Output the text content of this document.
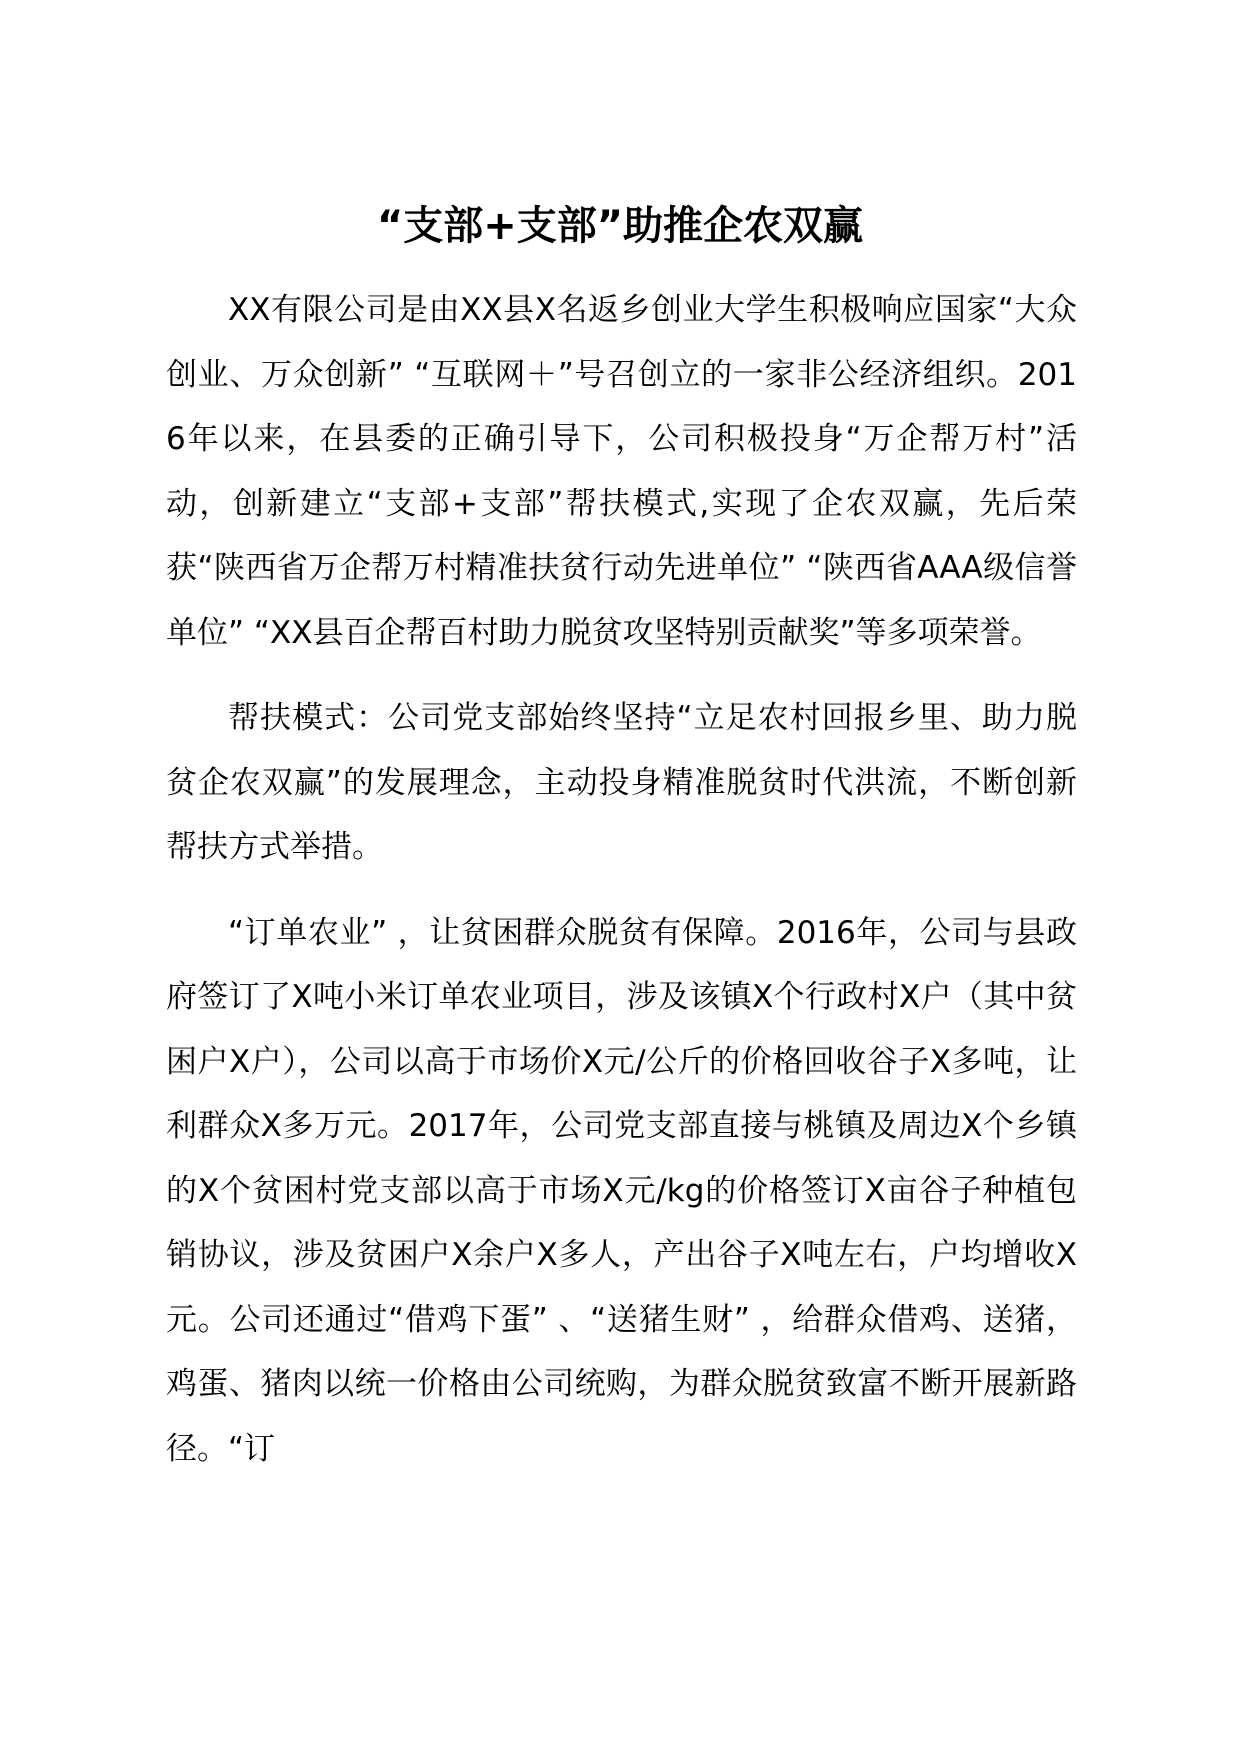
“支部+支部”助推企农双赢

XX有限公司是由XX县X名返乡创业大学生积极响应国家“大众创业、万众创新” “互联网＋”号召创立的一家非公经济组织。2016年以来，在县委的正确引导下，公司积极投身“万企帮万村”活动，创新建立“支部+支部”帮扶模式,实现了企农双赢，先后荣获“陕西省万企帮万村精准扶贫行动先进单位” “陕西省AAA级信誉单位” “XX县百企帮百村助力脱贫攻坚特别贡献奖”等多项荣誉。

帮扶模式：公司党支部始终坚持“立足农村回报乡里、助力脱贫企农双赢”的发展理念，主动投身精准脱贫时代洪流，不断创新帮扶方式举措。

“订单农业” ，让贫困群众脱贫有保障。2016年，公司与县政府签订了X吨小米订单农业项目，涉及该镇X个行政村X户（其中贫困户X户），公司以高于市场价X元/公斤的价格回收谷子X多吨，让利群众X多万元。2017年，公司党支部直接与桃镇及周边X个乡镇的X个贫困村党支部以高于市场X元/kg的价格签订X亩谷子种植包销协议，涉及贫困户X余户X多人，产出谷子X吨左右，户均增收X元。公司还通过“借鸡下蛋” 、“送猪生财” ，给群众借鸡、送猪，鸡蛋、猪肉以统一价格由公司统购，为群众脱贫致富不断开展新路径。“订
